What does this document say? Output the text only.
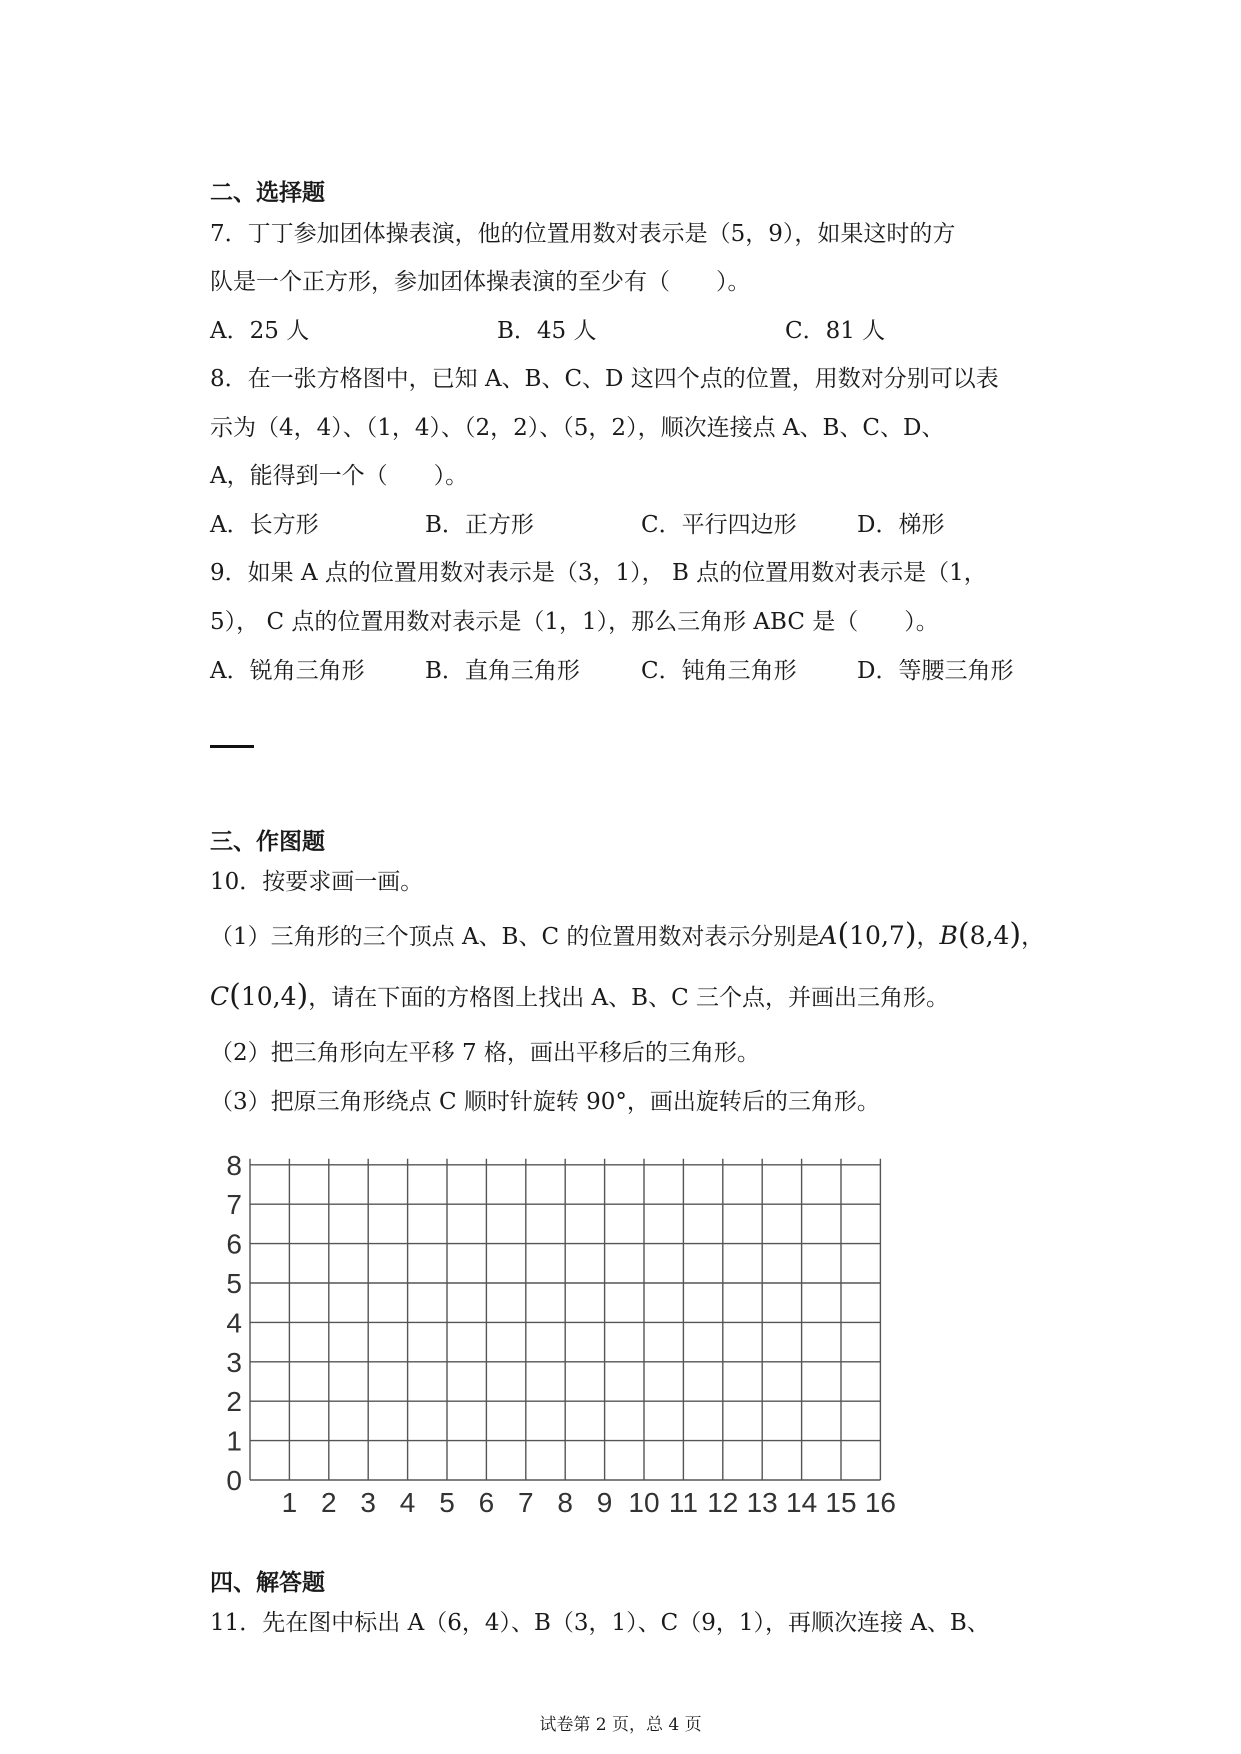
二、选择题
7．丁丁参加团体操表演，他的位置用数对表示是（5，9），如果这时的方
队是一个正方形，参加团体操表演的至少有（　　）。
A．25 人	B．45 人	C．81 人
8．在一张方格图中，已知 A、B、C、D 这四个点的位置，用数对分别可以表
示为（4，4）、（1，4）、（2，2）、（5，2），顺次连接点 A、B、C、D、
A，能得到一个（　　）。
A．长方形	B．正方形	C．平行四边形	D．梯形
9．如果 A 点的位置用数对表示是（3，1）， B 点的位置用数对表示是（1，
5）， C 点的位置用数对表示是（1，1），那么三角形 ABC 是（　　）。
A．锐角三角形	B．直角三角形	C．钝角三角形	D．等腰三角形
三、作图题
10．按要求画一画。
（1）三角形的三个顶点 A、B、C 的位置用数对表示分别是A(10,7)，B(8,4)，
C(10,4)，请在下面的方格图上找出 A、B、C 三个点，并画出三角形。
（2）把三角形向左平移 7 格，画出平移后的三角形。
（3）把原三角形绕点 C 顺时针旋转 90°，画出旋转后的三角形。
1 2 3 4 5 6 7 8 9 10 11 12 13 14 15 16
0
1
2
3
4
5
6
7
8
四、解答题
11．先在图中标出 A（6，4）、B（3，1）、C（9，1），再顺次连接 A、B、
试卷第 2 页，总 4 页
